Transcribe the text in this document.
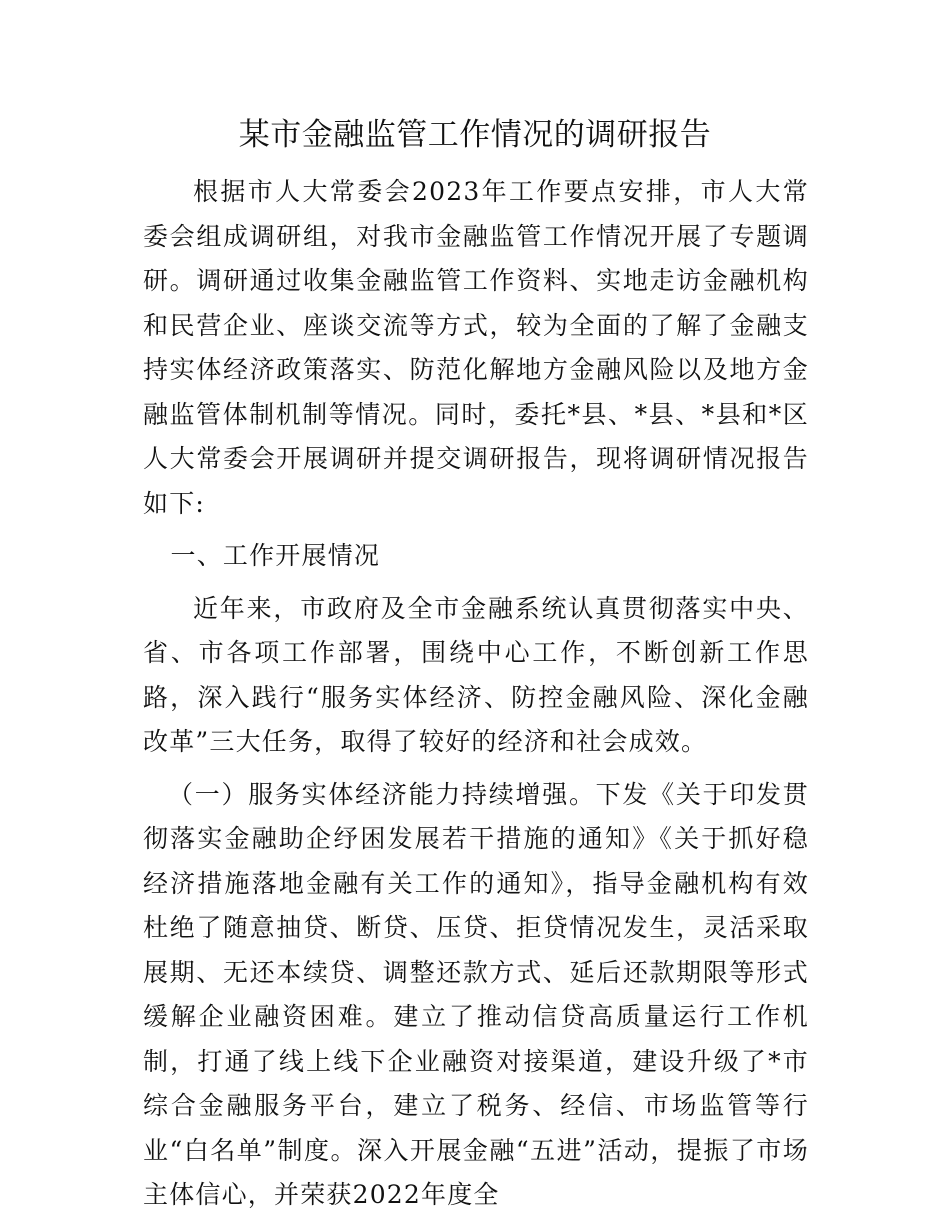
某市金融监管工作情况的调研报告

根据市人大常委会2023年工作要点安排，市人大常委会组成调研组，对我市金融监管工作情况开展了专题调研。调研通过收集金融监管工作资料、实地走访金融机构和民营企业、座谈交流等方式，较为全面的了解了金融支持实体经济政策落实、防范化解地方金融风险以及地方金融监管体制机制等情况。同时，委托*县、*县、*县和*区人大常委会开展调研并提交调研报告，现将调研情况报告如下:

一、工作开展情况

近年来，市政府及全市金融系统认真贯彻落实中央、省、市各项工作部署，围绕中心工作，不断创新工作思路，深入践行“服务实体经济、防控金融风险、深化金融改革”三大任务，取得了较好的经济和社会成效。

（一）服务实体经济能力持续增强。下发《关于印发贯彻落实金融助企纾困发展若干措施的通知》《关于抓好稳经济措施落地金融有关工作的通知》，指导金融机构有效杜绝了随意抽贷、断贷、压贷、拒贷情况发生，灵活采取展期、无还本续贷、调整还款方式、延后还款期限等形式缓解企业融资困难。建立了推动信贷高质量运行工作机制，打通了线上线下企业融资对接渠道，建设升级了*市综合金融服务平台，建立了税务、经信、市场监管等行业“白名单”制度。深入开展金融“五进”活动，提振了市场主体信心，并荣获2022年度全
